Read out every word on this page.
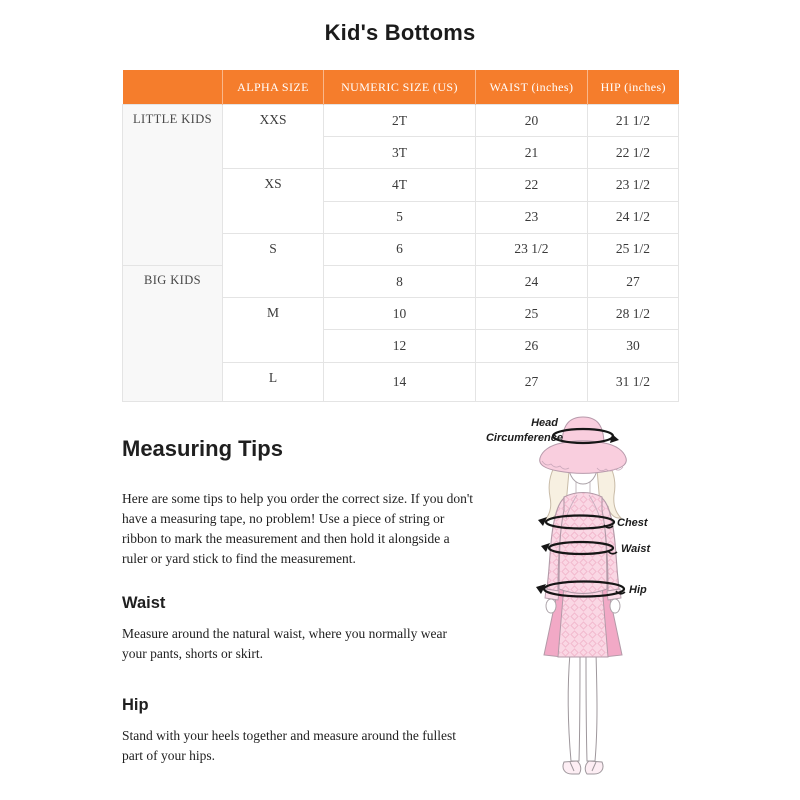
Kid's Bottoms
	ALPHA SIZE	NUMERIC SIZE (US)	WAIST (inches)	HIP (inches)
LITTLE KIDS	XXS	2T	20	21 1/2
		3T	21	22 1/2
	XS	4T	22	23 1/2
		5	23	24 1/2
	S	6	23 1/2	25 1/2
BIG KIDS		8	24	27
	M	10	25	28 1/2
		12	26	30
	L	14	27	31 1/2
Measuring Tips
Here are some tips to help you order the correct size. If you don't have a measuring tape, no problem! Use a piece of string or ribbon to mark the measurement and then hold it alongside a ruler or yard stick to find the measurement.
Waist
Measure around the natural waist, where you normally wear your pants, shorts or skirt.
Hip
Stand with your heels together and measure around the fullest part of your hips.
Head
Circumference
Chest
Waist
Hip
